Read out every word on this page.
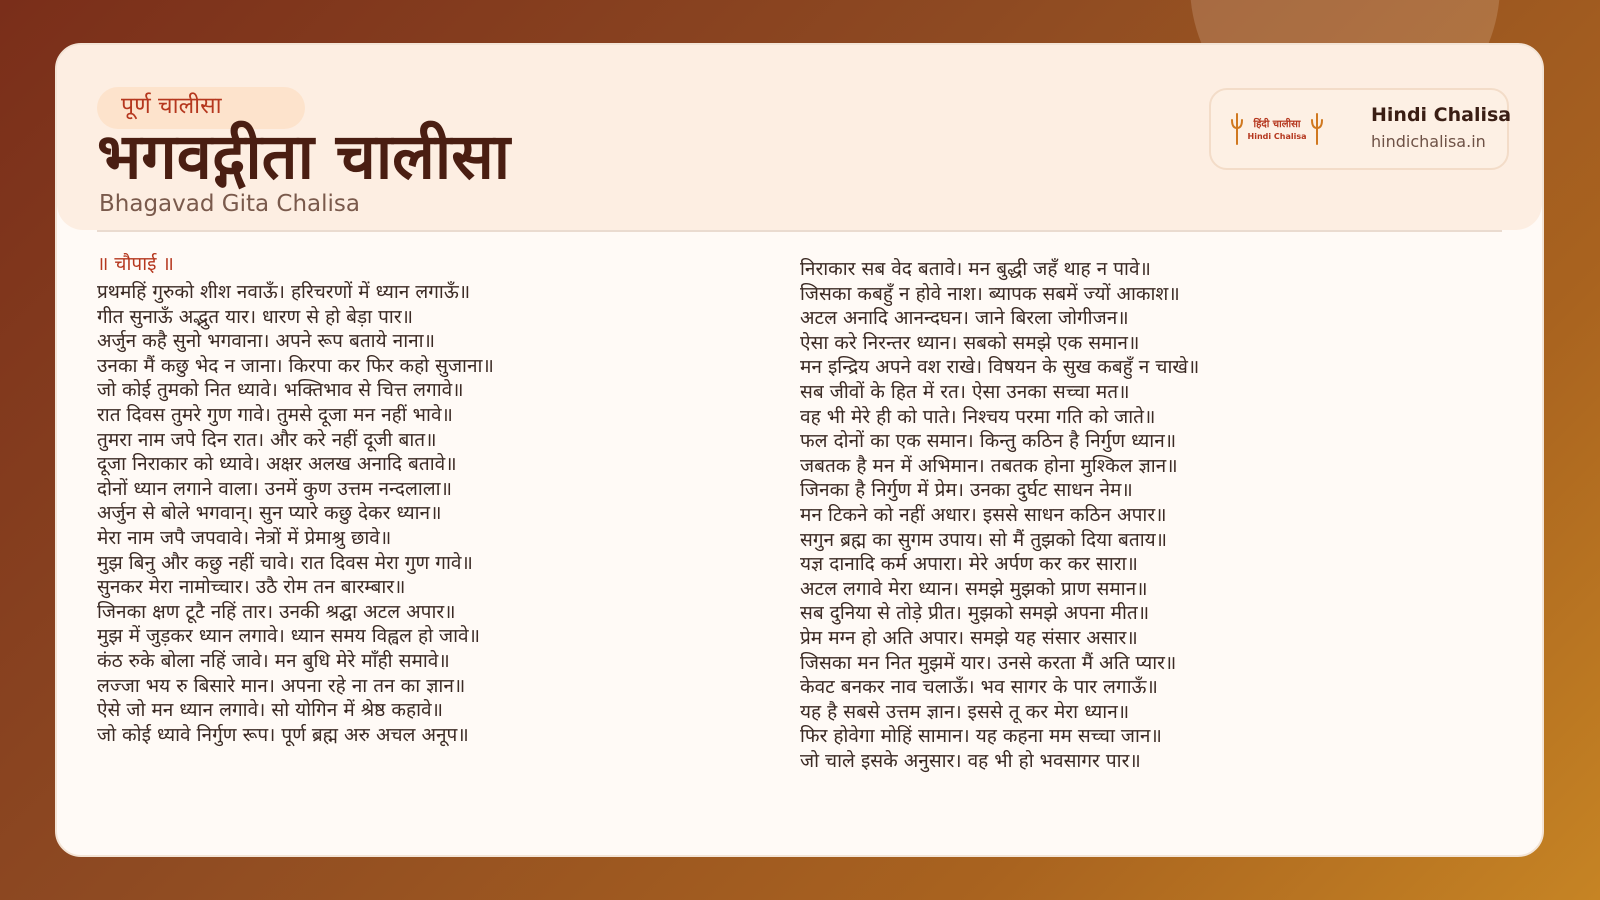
पूर्ण चालीसा
भगवद्गीता चालीसा
Bhagavad Gita Chalisa
हिंदी चालीसा
Hindi Chalisa
Hindi Chalisa
hindichalisa.in
॥ चौपाई ॥
प्रथमहिं गुरुको शीश नवाऊँ। हरिचरणों में ध्यान लगाऊँ॥
गीत सुनाऊँ अद्भुत यार। धारण से हो बेड़ा पार॥
अर्जुन कहै सुनो भगवाना। अपने रूप बताये नाना॥
उनका मैं कछु भेद न जाना। किरपा कर फिर कहो सुजाना॥
जो कोई तुमको नित ध्यावे। भक्तिभाव से चित्त लगावे॥
रात दिवस तुमरे गुण गावे। तुमसे दूजा मन नहीं भावे॥
तुमरा नाम जपे दिन रात। और करे नहीं दूजी बात॥
दूजा निराकार को ध्यावे। अक्षर अलख अनादि बतावे॥
दोनों ध्यान लगाने वाला। उनमें कुण उत्तम नन्दलाला॥
अर्जुन से बोले भगवान्। सुन प्यारे कछु देकर ध्यान॥
मेरा नाम जपै जपवावे। नेत्रों में प्रेमाश्रु छावे॥
मुझ बिनु और कछु नहीं चावे। रात दिवस मेरा गुण गावे॥
सुनकर मेरा नामोच्चार। उठै रोम तन बारम्बार॥
जिनका क्षण टूटै नहिं तार। उनकी श्रद्घा अटल अपार॥
मुझ में जुड़कर ध्यान लगावे। ध्यान समय विह्वल हो जावे॥
कंठ रुके बोला नहिं जावे। मन बुधि मेरे माँही समावे॥
लज्जा भय रु बिसारे मान। अपना रहे ना तन का ज्ञान॥
ऐसे जो मन ध्यान लगावे। सो योगिन में श्रेष्ठ कहावे॥
जो कोई ध्यावे निर्गुण रूप। पूर्ण ब्रह्म अरु अचल अनूप॥
निराकार सब वेद बतावे। मन बुद्धी जहँ थाह न पावे॥
जिसका कबहुँ न होवे नाश। ब्यापक सबमें ज्यों आकाश॥
अटल अनादि आनन्दघन। जाने बिरला जोगीजन॥
ऐसा करे निरन्तर ध्यान। सबको समझे एक समान॥
मन इन्द्रिय अपने वश राखे। विषयन के सुख कबहुँ न चाखे॥
सब जीवों के हित में रत। ऐसा उनका सच्चा मत॥
वह भी मेरे ही को पाते। निश्चय परमा गति को जाते॥
फल दोनों का एक समान। किन्तु कठिन है निर्गुण ध्यान॥
जबतक है मन में अभिमान। तबतक होना मुश्किल ज्ञान॥
जिनका है निर्गुण में प्रेम। उनका दुर्घट साधन नेम॥
मन टिकने को नहीं अधार। इससे साधन कठिन अपार॥
सगुन ब्रह्म का सुगम उपाय। सो मैं तुझको दिया बताय॥
यज्ञ दानादि कर्म अपारा। मेरे अर्पण कर कर सारा॥
अटल लगावे मेरा ध्यान। समझे मुझको प्राण समान॥
सब दुनिया से तोड़े प्रीत। मुझको समझे अपना मीत॥
प्रेम मग्न हो अति अपार। समझे यह संसार असार॥
जिसका मन नित मुझमें यार। उनसे करता मैं अति प्यार॥
केवट बनकर नाव चलाऊँ। भव सागर के पार लगाऊँ॥
यह है सबसे उत्तम ज्ञान। इससे तू कर मेरा ध्यान॥
फिर होवेगा मोहिं सामान। यह कहना मम सच्चा जान॥
जो चाले इसके अनुसार। वह भी हो भवसागर पार॥
